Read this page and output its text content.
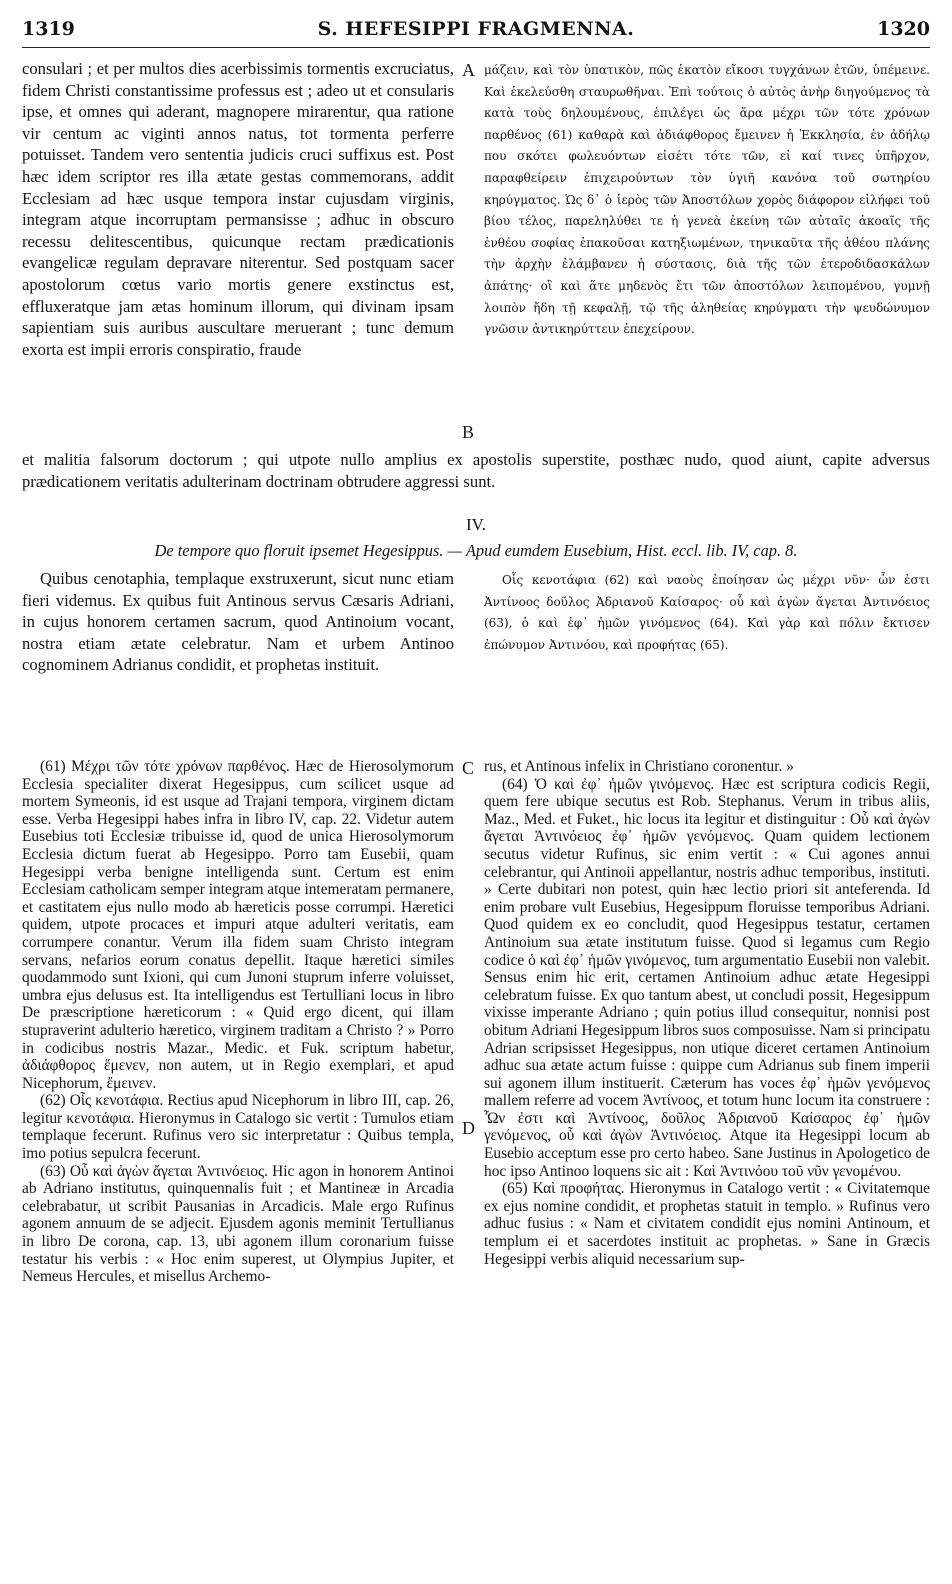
1319	S. HEFESIPPI FRAGMENNA.	1320
consulari ; et per multos dies acerbissimis tormentis excruciatus, fidem Christi constantissime professus est ; adeo ut et consularis ipse, et omnes qui aderant, magnopere mirarentur, qua ratione vir centum ac viginti annos natus, tot tormenta perferre potuisset. Tandem vero sententia judicis cruci suffixus est. Post hæc idem scriptor res illa ætate gestas commemorans, addit Ecclesiam ad hæc usque tempora instar cujusdam virginis, integram atque incorruptam permansisse ; adhuc in obscuro recessu delitescentibus, quicunque rectam prædicationis evangelicæ regulam depravare niterentur. Sed postquam sacer apostolorum cœtus vario mortis genere exstinctus est, effluxeratque jam ætas hominum illorum, qui divinam ipsam sapientiam suis auribus auscultare meruerant ; tunc demum exorta est impii erroris conspiratio, fraude
A μάζειν, καὶ τὸν ὑπατικὸν, πῶς ἑκατὸν εἴκοσι τυγχάνων ἐτῶν, ὑπέμεινε. Καὶ ἐκελεύσθη σταυρωθῆναι. Ἐπὶ τούτοις ὁ αὐτὸς ἀνὴρ διηγούμενος τὰ κατὰ τοὺς δηλουμένους, ἐπιλέγει ὡς ἄρα μέχρι τῶν τότε χρόνων παρθένος (61) καθαρὰ καὶ ἀδιάφθορος ἔμεινεν ἡ Ἐκκλησία, ἐν ἀδήλῳ που σκότει φωλευόντων εἰσέτι τότε τῶν, εἰ καί τινες ὑπῆρχον, παραφθείρειν ἐπιχειρούντων τὸν ὑγιῆ κανόνα τοῦ σωτηρίου κηρύγματος. Ὡς δ᾽ ὁ ἱερὸς τῶν Ἀποστόλων χορὸς διάφορον εἰλήφει τοῦ βίου τέλος, παρεληλύθει τε ἡ γενεὰ ἐκείνη τῶν αὐταῖς ἀκοαῖς τῆς ἐνθέου σοφίας ἐπακοῦσαι κατηξιωμένων, τηνικαῦτα τῆς ἀθέου πλάνης τὴν ἀρχὴν ἐλάμβανεν ἡ σύστασις, διὰ τῆς τῶν ἑτεροδιδασκάλων ἀπάτης· οἳ καὶ ἅτε μηδενὸς ἔτι τῶν ἀποστόλων λειπομένου, γυμνῇ λοιπὸν ἤδη τῇ κεφαλῇ, τῷ τῆς ἀληθείας κηρύγματι τὴν ψευδώνυμον γνῶσιν ἀντικηρύττειν ἐπεχείρουν.
B
et malitia falsorum doctorum ; qui utpote nullo amplius ex apostolis superstite, posthæc nudo, quod aiunt, capite adversus prædicationem veritatis adulterinam doctrinam obtrudere aggressi sunt.
IV.
De tempore quo floruit ipsemet Hegesippus. — Apud eumdem Eusebium, Hist. eccl. lib. IV, cap. 8.
Quibus cenotaphia, templaque exstruxerunt, sicut nunc etiam fieri videmus. Ex quibus fuit Antinous servus Cæsaris Adriani, in cujus honorem certamen sacrum, quod Antinoium vocant, nostra etiam ætate celebratur. Nam et urbem Antinoo cognominem Adrianus condidit, et prophetas instituit.
Οἷς κενοτάφια (62) καὶ ναοὺς ἐποίησαν ὡς μέχρι νῦν· ὧν ἐστι Ἀντίνοος δοῦλος Ἀδριανοῦ Καίσαρος· οὗ καὶ ἀγὼν ἄγεται Ἀντινόειος (63), ὁ καὶ ἐφ᾽ ἡμῶν γινόμενος (64). Καὶ γὰρ καὶ πόλιν ἔκτισεν ἐπώνυμον Ἀντινόου, καὶ προφήτας (65).

(61) Μέχρι τῶν τότε χρόνων παρθένος. Hæc de Hierosolymorum Ecclesia specialiter dixerat Hegesippus, cum scilicet usque ad mortem Symeonis, id est usque ad Trajani tempora, virginem dictam esse. Verba Hegesippi habes infra in libro IV, cap. 22. Videtur autem Eusebius toti Ecclesiæ tribuisse id, quod de unica Hierosolymorum Ecclesia dictum fuerat ab Hegesippo. Porro tam Eusebii, quam Hegesippi verba benigne intelligenda sunt. Certum est enim Ecclesiam catholicam semper integram atque intemeratam permanere, et castitatem ejus nullo modo ab hæreticis posse corrumpi. Hæretici quidem, utpote procaces et impuri atque adulteri veritatis, eam corrumpere conantur. Verum illa fidem suam Christo integram servans, nefarios eorum conatus depellit. Itaque hæretici similes quodammodo sunt Ixioni, qui cum Junoni stuprum inferre voluisset, umbra ejus delusus est. Ita intelligendus est Tertulliani locus in libro De præscriptione hæreticorum : « Quid ergo dicent, qui illam stupraverint adulterio hæretico, virginem traditam a Christo ? » Porro in codicibus nostris Mazar., Medic. et Fuk. scriptum habetur, ἀδιάφθορος ἔμενεν, non autem, ut in Regio exemplari, et apud Nicephorum, ἔμεινεν.

(62) Οἷς κενοτάφια. Rectius apud Nicephorum in libro III, cap. 26, legitur κενοτάφια. Hieronymus in Catalogo sic vertit : Tumulos etiam templaque fecerunt. Rufinus vero sic interpretatur : Quibus templa, imo potius sepulcra fecerunt.

(63) Οὗ καὶ ἀγὼν ἄγεται Ἀντινόειος. Hic agon in honorem Antinoi ab Adriano institutus, quinquennalis fuit ; et Mantineæ in Arcadia celebrabatur, ut scribit Pausanias in Arcadicis. Male ergo Rufinus agonem annuum de se adjecit. Ejusdem agonis meminit Tertullianus in libro De corona, cap. 13, ubi agonem illum coronarium fuisse testatur his verbis : « Hoc enim superest, ut Olympius Jupiter, et Nemeus Hercules, et misellus Archemo-

C
D

rus, et Antinous infelix in Christiano coronentur. »

(64) Ὁ καὶ ἐφ᾽ ἡμῶν γινόμενος. Hæc est scriptura codicis Regii, quem fere ubique secutus est Rob. Stephanus. Verum in tribus aliis, Maz., Med. et Fuket., hic locus ita legitur et distinguitur : Οὗ καὶ ἀγὼν ἄγεται Ἀντινόειος ἐφ᾽ ἡμῶν γενόμενος. Quam quidem lectionem secutus videtur Rufinus, sic enim vertit : « Cui agones annui celebrantur, qui Antinoii appellantur, nostris adhuc temporibus, instituti. » Certe dubitari non potest, quin hæc lectio priori sit anteferenda. Id enim probare vult Eusebius, Hegesippum floruisse temporibus Adriani. Quod quidem ex eo concludit, quod Hegesippus testatur, certamen Antinoium sua ætate institutum fuisse. Quod si legamus cum Regio codice ὁ καὶ ἐφ᾽ ἡμῶν γινόμενος, tum argumentatio Eusebii non valebit. Sensus enim hic erit, certamen Antinoium adhuc ætate Hegesippi celebratum fuisse. Ex quo tantum abest, ut concludi possit, Hegesippum vixisse imperante Adriano ; quin potius illud consequitur, nonnisi post obitum Adriani Hegesippum libros suos composuisse. Nam si principatu Adrian scripsisset Hegesippus, non utique diceret certamen Antinoium adhuc sua ætate actum fuisse : quippe cum Adrianus sub finem imperii sui agonem illum instituerit. Cæterum has voces ἐφ᾽ ἡμῶν γενόμενος mallem referre ad vocem Ἀντίνοος, et totum hunc locum ita construere : Ὧν ἐστι καὶ Ἀντίνοος, δοῦλος Ἀδριανοῦ Καίσαρος ἐφ᾽ ἡμῶν γενόμενος, οὗ καὶ ἀγὼν Ἀντινόειος. Atque ita Hegesippi locum ab Eusebio acceptum esse pro certo habeo. Sane Justinus in Apologetico de hoc ipso Antinoo loquens sic ait : Καὶ Ἀντινόου τοῦ νῦν γενομένου.

(65) Καὶ προφήτας. Hieronymus in Catalogo vertit : « Civitatemque ex ejus nomine condidit, et prophetas statuit in templo. » Rufinus vero adhuc fusius : « Nam et civitatem condidit ejus nomini Antinoum, et templum ei et sacerdotes instituit ac prophetas. » Sane in Græcis Hegesippi verbis aliquid necessarium sup-
